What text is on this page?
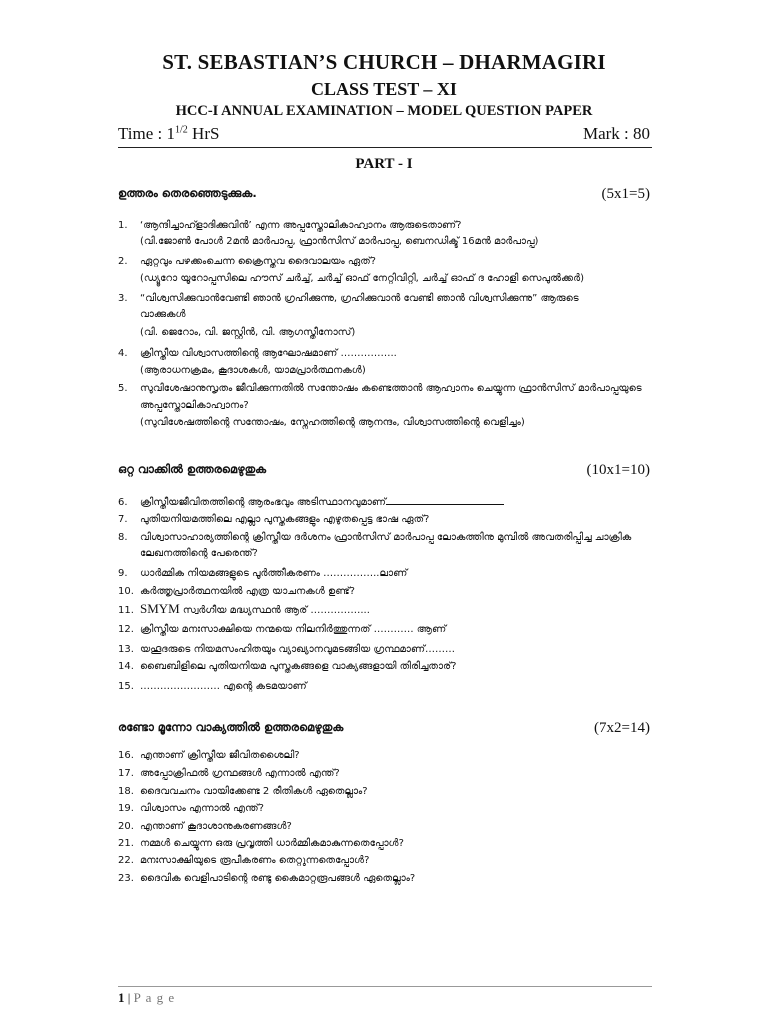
ST. SEBASTIAN’S CHURCH – DHARMAGIRI
CLASS TEST – XI
HCC-I ANNUAL EXAMINATION – MODEL QUESTION PAPER
Time : $1^{1/2}$ HrS	Mark : 80
PART - I
ഉത്തരം തെരഞ്ഞെടുക്കുക.	(5x1=5)
1. ‘ആന്ദിച്ചാഹ്ളാദിക്കുവിൻ’ എന്ന അപ്പസ്തോലികാഹ്വാനം ആരുടെതാണ്?
(വി.ജോൺ പോൾ 2മൻ മാർപാപ്പ, ഫ്രാൻസിസ് മാർപാപ്പ, ബെനഡിക്ട് 16മൻ മാർപാപ്പ)
2. ഏറ്റവും പഴക്കംചെന്ന ക്രൈസ്തവ ദൈവാലയം ഏത്?
(ഡ്യൂറോ യൂറോപ്പസിലെ ഹൗസ് ചർച്ച്, ചർച്ച് ഓഫ് നേറ്റിവിറ്റി, ചർച്ച് ഓഫ് ദ ഹോളി സെപുൽക്കർ)
3. “വിശ്വസിക്കുവാൻവേണ്ടി ഞാൻ ഗ്രഹിക്കുന്നു, ഗ്രഹിക്കുവാൻ വേണ്ടി ഞാൻ വിശ്വസിക്കുന്നു” ആരുടെ
വാക്കുകൾ
(വി. ജെറോം, വി. ജസ്റ്റിൻ, വി. ആഗസ്തീനോസ്)
4. ക്രിസ്തീയ വിശ്വാസത്തിന്റെ ആഘോഷമാണ് ……………..
(ആരാധനക്രമം, കൂദാശകൾ, യാമപ്രാർത്ഥനകൾ)
5. സുവിശേഷാനുസൃതം ജീവിക്കുന്നതിൽ സന്തോഷം കണ്ടെത്താൻ ആഹ്വാനം ചെയ്യുന്ന ഫ്രാൻസിസ് മാർപാപ്പയുടെ
അപ്പസ്തോലികാഹ്വാനം?
(സുവിശേഷത്തിന്റെ സന്തോഷം, സ്നേഹത്തിന്റെ ആനന്ദം, വിശ്വാസത്തിന്റെ വെളിച്ചം)
ഒറ്റ വാക്കിൽ ഉത്തരമെഴുതുക	(10x1=10)
6. ക്രിസ്തീയജീവിതത്തിന്റെ ആരംഭവും അടിസ്ഥാനവുമാണ്
7. പുതിയനിയമത്തിലെ എല്ലാ പുസ്തകങ്ങളും എഴുതപ്പെട്ട ഭാഷ ഏത്?
8. വിശ്വാസാഹാര്യത്തിന്റെ ക്രിസ്തീയ ദർശനം ഫ്രാൻസിസ് മാർപാപ്പ ലോകത്തിനു മുമ്പിൽ അവതരിപ്പിച്ച ചാക്രിക
ലേഖനത്തിന്റെ പേരെന്ത്?
9. ധാർമ്മിക നിയമങ്ങളുടെ പൂർത്തീകരണം ……………..ലാണ്
10. കർത്തൃപ്രാർത്ഥനയിൽ എത്ര യാചനകൾ ഉണ്ട്?
11. SMYM സ്വർഗീയ മദ്ധ്യസ്ഥൻ ആര് ……………...
12. ക്രിസ്തീയ മനഃസാക്ഷിയെ നന്മയെ നിലനിർത്തുന്നത് ………… ആണ്
13. യഹൂദരുടെ നിയമസംഹിതയും വ്യാഖ്യാനവുമടങ്ങിയ ഗ്രന്ഥമാണ്………
14. ബൈബിളിലെ പുതിയനിയമ പുസ്തകങ്ങളെ വാക്യങ്ങളായി തിരിച്ചതാര്?
15. …………………… എന്റെ കടമയാണ്
രണ്ടോ മൂന്നോ വാക്യത്തിൽ ഉത്തരമെഴുതുക	(7x2=14)
16. എന്താണ് ക്രിസ്തീയ ജീവിതശൈലി?
17. അപ്പോക്രിഫൽ ഗ്രന്ഥങ്ങൾ എന്നാൽ എന്ത്?
18. ദൈവവചനം വായിക്കേണ്ട 2 രീതികൾ ഏതെല്ലാം?
19. വിശ്വാസം എന്നാൽ എന്ത്?
20. എന്താണ് കൂദാശാനുകരണങ്ങൾ?
21. നമ്മൾ ചെയ്യുന്ന ഒരു പ്രവൃത്തി ധാർമ്മികമാകുന്നതെപ്പോൾ?
22. മനഃസാക്ഷിയുടെ രൂപീകരണം തെറ്റുന്നതെപ്പോൾ?
23. ദൈവിക വെളിപാടിന്റെ രണ്ടു കൈമാറ്റരൂപങ്ങൾ ഏതെല്ലാം?
1 | P a g e
